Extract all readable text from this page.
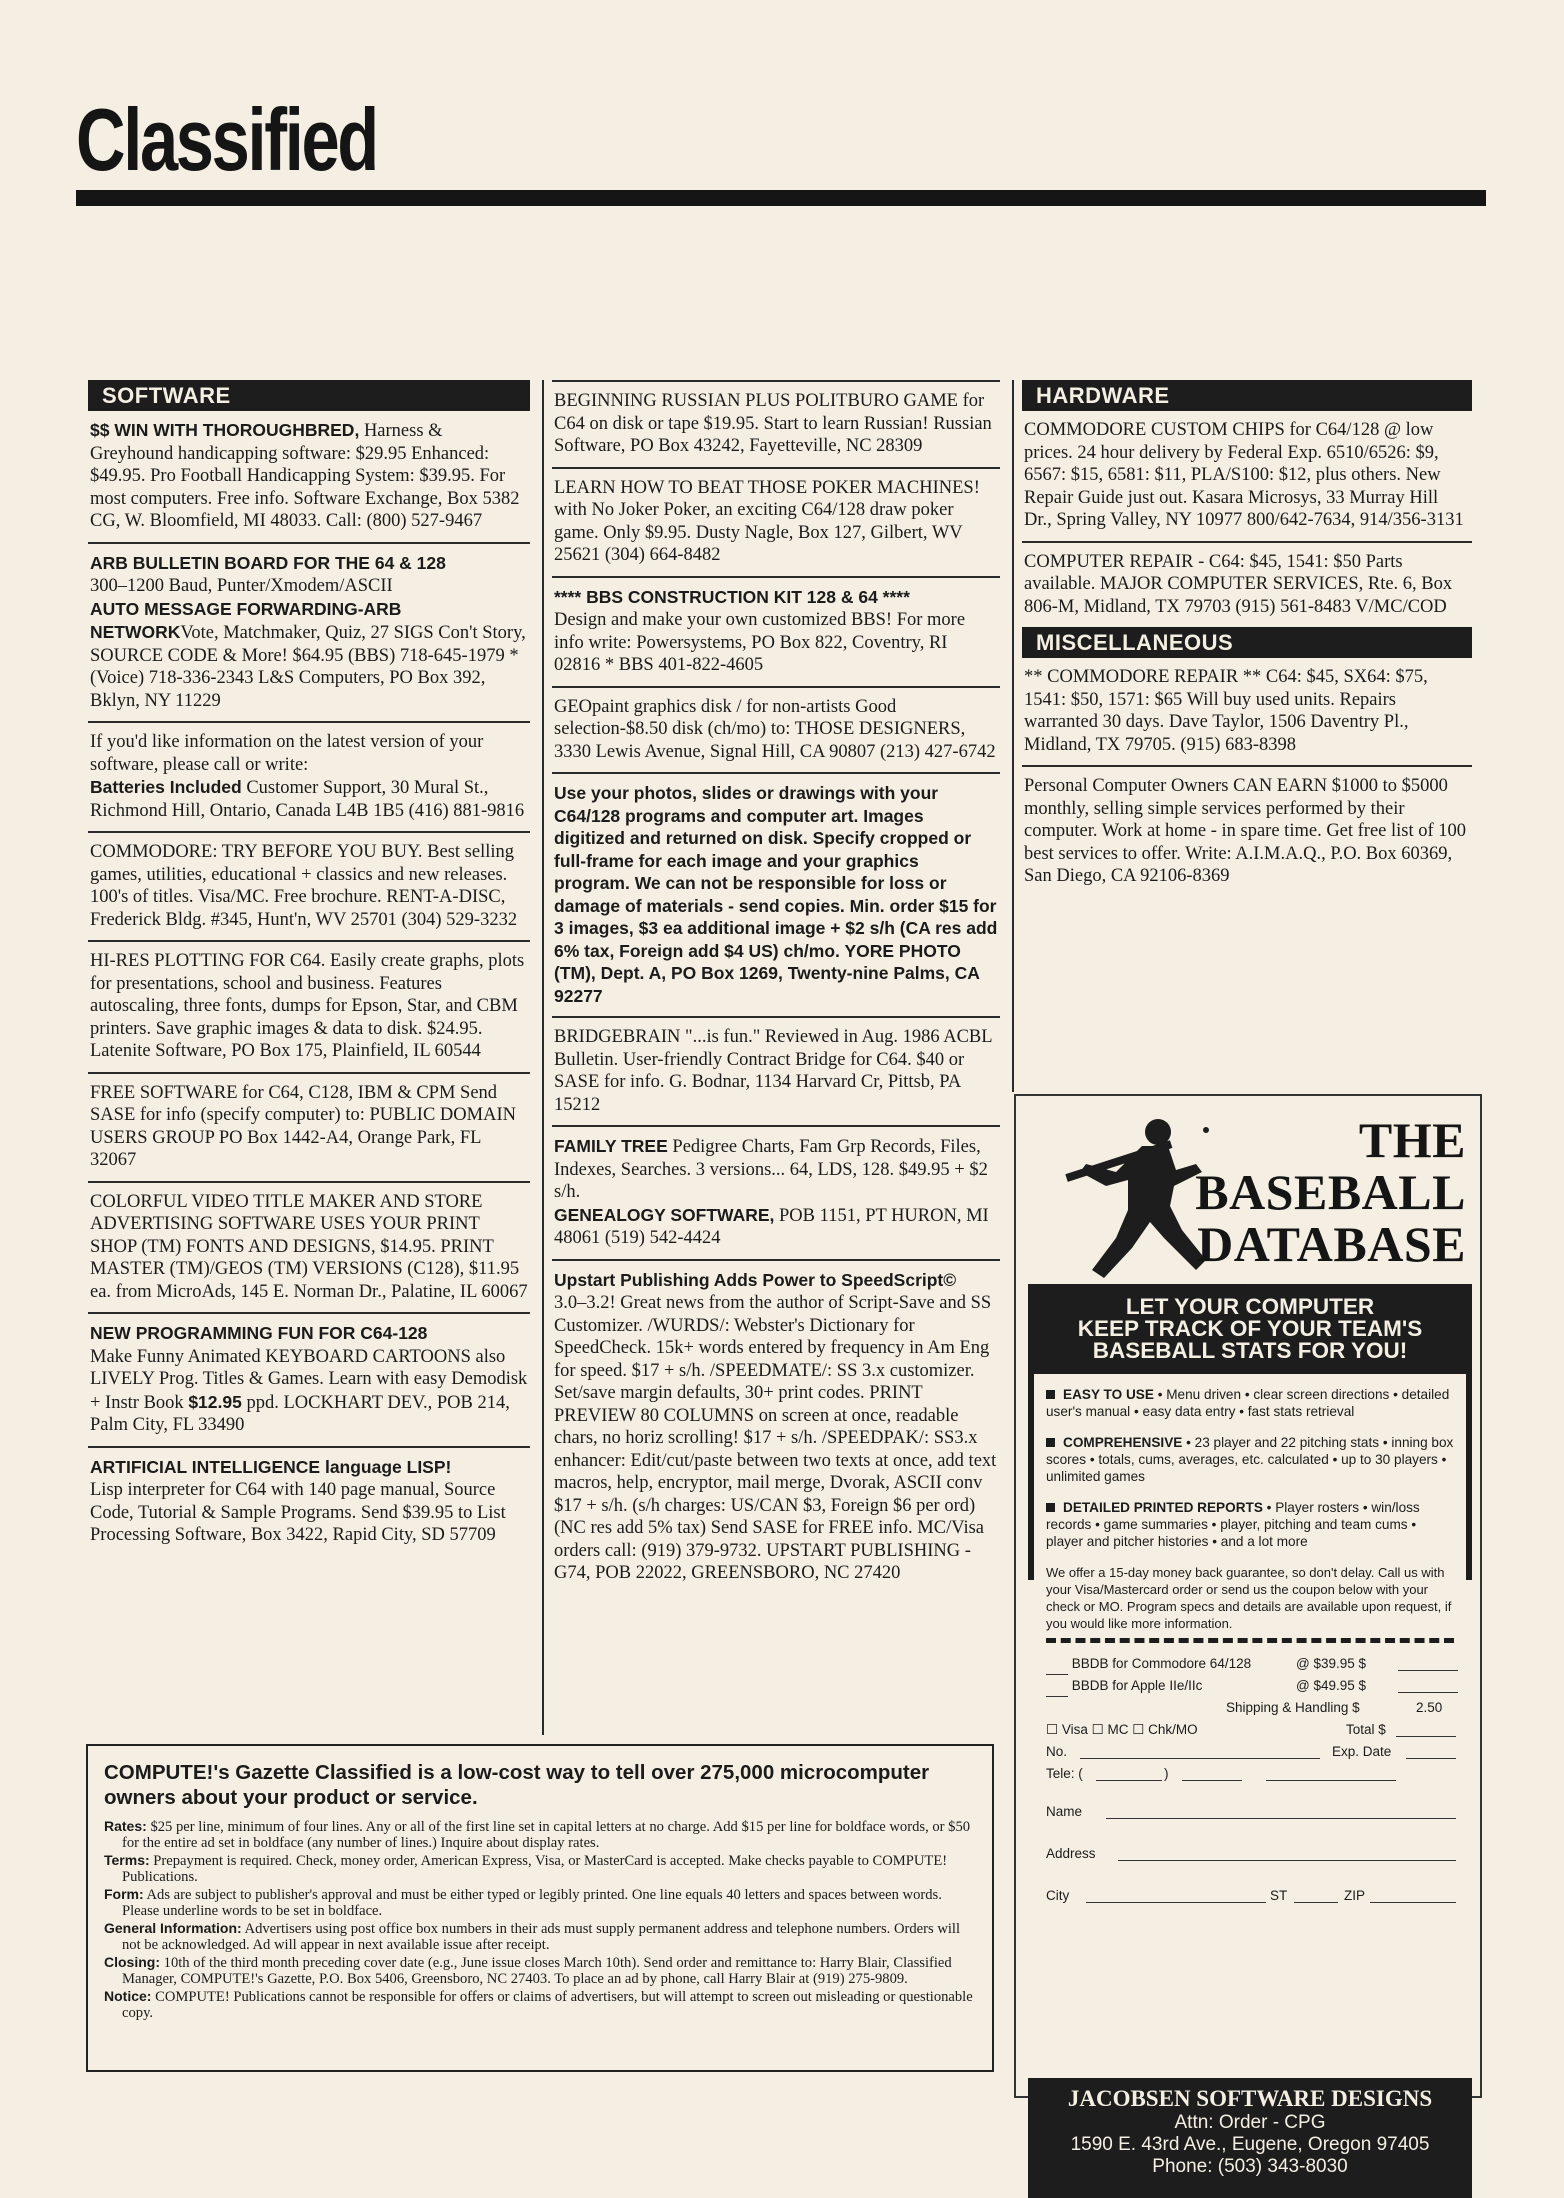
Classified
SOFTWARE
$$ WIN WITH THOROUGHBRED, Harness & Greyhound handicapping software: $29.95 Enhanced: $49.95. Pro Football Handicapping System: $39.95. For most computers. Free info. Software Exchange, Box 5382 CG, W. Bloomfield, MI 48033. Call: (800) 527-9467
ARB BULLETIN BOARD FOR THE 64 & 128
300–1200 Baud, Punter/Xmodem/ASCII
AUTO MESSAGE FORWARDING-ARB NETWORKVote, Matchmaker, Quiz, 27 SIGS Con't Story, SOURCE CODE & More! $64.95 (BBS) 718-645-1979 * (Voice) 718-336-2343 L&S Computers, PO Box 392, Bklyn, NY 11229
If you'd like information on the latest version of your software, please call or write:
Batteries Included Customer Support, 30 Mural St., Richmond Hill, Ontario, Canada L4B 1B5 (416) 881-9816
COMMODORE: TRY BEFORE YOU BUY. Best selling games, utilities, educational + classics and new releases. 100's of titles. Visa/MC. Free brochure. RENT-A-DISC, Frederick Bldg. #345, Hunt'n, WV 25701 (304) 529-3232
HI-RES PLOTTING FOR C64. Easily create graphs, plots for presentations, school and business. Features autoscaling, three fonts, dumps for Epson, Star, and CBM printers. Save graphic images & data to disk. $24.95. Latenite Software, PO Box 175, Plainfield, IL 60544
FREE SOFTWARE for C64, C128, IBM & CPM Send SASE for info (specify computer) to: PUBLIC DOMAIN USERS GROUP PO Box 1442-A4, Orange Park, FL 32067
COLORFUL VIDEO TITLE MAKER AND STORE ADVERTISING SOFTWARE USES YOUR PRINT SHOP (TM) FONTS AND DESIGNS, $14.95. PRINT MASTER (TM)/GEOS (TM) VERSIONS (C128), $11.95 ea. from MicroAds, 145 E. Norman Dr., Palatine, IL 60067
NEW PROGRAMMING FUN FOR C64-128
Make Funny Animated KEYBOARD CARTOONS also LIVELY Prog. Titles & Games. Learn with easy Demodisk + Instr Book $12.95 ppd. LOCKHART DEV., POB 214, Palm City, FL 33490
ARTIFICIAL INTELLIGENCE language LISP!
Lisp interpreter for C64 with 140 page manual, Source Code, Tutorial & Sample Programs. Send $39.95 to List Processing Software, Box 3422, Rapid City, SD 57709
BEGINNING RUSSIAN PLUS POLITBURO GAME for C64 on disk or tape $19.95. Start to learn Russian! Russian Software, PO Box 43242, Fayetteville, NC 28309
LEARN HOW TO BEAT THOSE POKER MACHINES! with No Joker Poker, an exciting C64/128 draw poker game. Only $9.95. Dusty Nagle, Box 127, Gilbert, WV 25621 (304) 664-8482
**** BBS CONSTRUCTION KIT 128 & 64 ****
Design and make your own customized BBS! For more info write: Powersystems, PO Box 822, Coventry, RI 02816 * BBS 401-822-4605
GEOpaint graphics disk / for non-artists Good selection-$8.50 disk (ch/mo) to: THOSE DESIGNERS, 3330 Lewis Avenue, Signal Hill, CA 90807 (213) 427-6742
Use your photos, slides or drawings with your C64/128 programs and computer art. Images digitized and returned on disk. Specify cropped or full-frame for each image and your graphics program. We can not be responsible for loss or damage of materials - send copies. Min. order $15 for 3 images, $3 ea additional image + $2 s/h (CA res add 6% tax, Foreign add $4 US) ch/mo. YORE PHOTO (TM), Dept. A, PO Box 1269, Twenty-nine Palms, CA 92277
BRIDGEBRAIN "...is fun." Reviewed in Aug. 1986 ACBL Bulletin. User-friendly Contract Bridge for C64. $40 or SASE for info. G. Bodnar, 1134 Harvard Cr, Pittsb, PA 15212
FAMILY TREE Pedigree Charts, Fam Grp Records, Files, Indexes, Searches. 3 versions... 64, LDS, 128. $49.95 + $2 s/h.
GENEALOGY SOFTWARE, POB 1151, PT HURON, MI 48061 (519) 542-4424
Upstart Publishing Adds Power to SpeedScript©
3.0–3.2! Great news from the author of Script-Save and SS Customizer. /WURDS/: Webster's Dictionary for SpeedCheck. 15k+ words entered by frequency in Am Eng for speed. $17 + s/h. /SPEEDMATE/: SS 3.x customizer. Set/save margin defaults, 30+ print codes. PRINT PREVIEW 80 COLUMNS on screen at once, readable chars, no horiz scrolling! $17 + s/h. /SPEEDPAK/: SS3.x enhancer: Edit/cut/paste between two texts at once, add text macros, help, encryptor, mail merge, Dvorak, ASCII conv $17 + s/h. (s/h charges: US/CAN $3, Foreign $6 per ord) (NC res add 5% tax) Send SASE for FREE info. MC/Visa orders call: (919) 379-9732. UPSTART PUBLISHING - G74, POB 22022, GREENSBORO, NC 27420
HARDWARE
COMMODORE CUSTOM CHIPS for C64/128 @ low prices. 24 hour delivery by Federal Exp. 6510/6526: $9, 6567: $15, 6581: $11, PLA/S100: $12, plus others. New Repair Guide just out. Kasara Microsys, 33 Murray Hill Dr., Spring Valley, NY 10977 800/642-7634, 914/356-3131
COMPUTER REPAIR - C64: $45, 1541: $50 Parts available. MAJOR COMPUTER SERVICES, Rte. 6, Box 806-M, Midland, TX 79703 (915) 561-8483 V/MC/COD
MISCELLANEOUS
** COMMODORE REPAIR ** C64: $45, SX64: $75, 1541: $50, 1571: $65 Will buy used units. Repairs warranted 30 days. Dave Taylor, 1506 Daventry Pl., Midland, TX 79705. (915) 683-8398
Personal Computer Owners CAN EARN $1000 to $5000 monthly, selling simple services performed by their computer. Work at home - in spare time. Get free list of 100 best services to offer. Write: A.I.M.A.Q., P.O. Box 60369, San Diego, CA 92106-8369
COMPUTE!'s Gazette Classified is a low-cost way to tell over 275,000 microcomputer owners about your product or service.
Rates: $25 per line, minimum of four lines. Any or all of the first line set in capital letters at no charge. Add $15 per line for boldface words, or $50 for the entire ad set in boldface (any number of lines.) Inquire about display rates.
Terms: Prepayment is required. Check, money order, American Express, Visa, or MasterCard is accepted. Make checks payable to COMPUTE! Publications.
Form: Ads are subject to publisher's approval and must be either typed or legibly printed. One line equals 40 letters and spaces between words. Please underline words to be set in boldface.
General Information: Advertisers using post office box numbers in their ads must supply permanent address and telephone numbers. Orders will not be acknowledged. Ad will appear in next available issue after receipt.
Closing: 10th of the third month preceding cover date (e.g., June issue closes March 10th). Send order and remittance to: Harry Blair, Classified Manager, COMPUTE!'s Gazette, P.O. Box 5406, Greensboro, NC 27403. To place an ad by phone, call Harry Blair at (919) 275-9809.
Notice: COMPUTE! Publications cannot be responsible for offers or claims of advertisers, but will attempt to screen out misleading or questionable copy.
THE
BASEBALL
DATABASE
LET YOUR COMPUTER
KEEP TRACK OF YOUR TEAM'S
BASEBALL STATS FOR YOU!
EASY TO USE • Menu driven • clear screen directions • detailed user's manual • easy data entry • fast stats retrieval
COMPREHENSIVE • 23 player and 22 pitching stats • inning box scores • totals, cums, averages, etc. calculated • up to 30 players • unlimited games
DETAILED PRINTED REPORTS • Player rosters • win/loss records • game summaries • player, pitching and team cums • player and pitcher histories • and a lot more
We offer a 15-day money back guarantee, so don't delay. Call us with your Visa/Mastercard order or send us the coupon below with your check or MO. Program specs and details are available upon request, if you would like more information.
BBDB for Commodore 64/128	@ $39.95 $
BBDB for Apple IIe/IIc	@ $49.95 $
Shipping & Handling $	2.50
☐ Visa ☐ MC ☐ Chk/MO	Total $
No.	Exp. Date
Tele: (	)
Name
Address
City	ST	ZIP
JACOBSEN SOFTWARE DESIGNS
Attn: Order - CPG
1590 E. 43rd Ave., Eugene, Oregon 97405
Phone: (503) 343-8030
